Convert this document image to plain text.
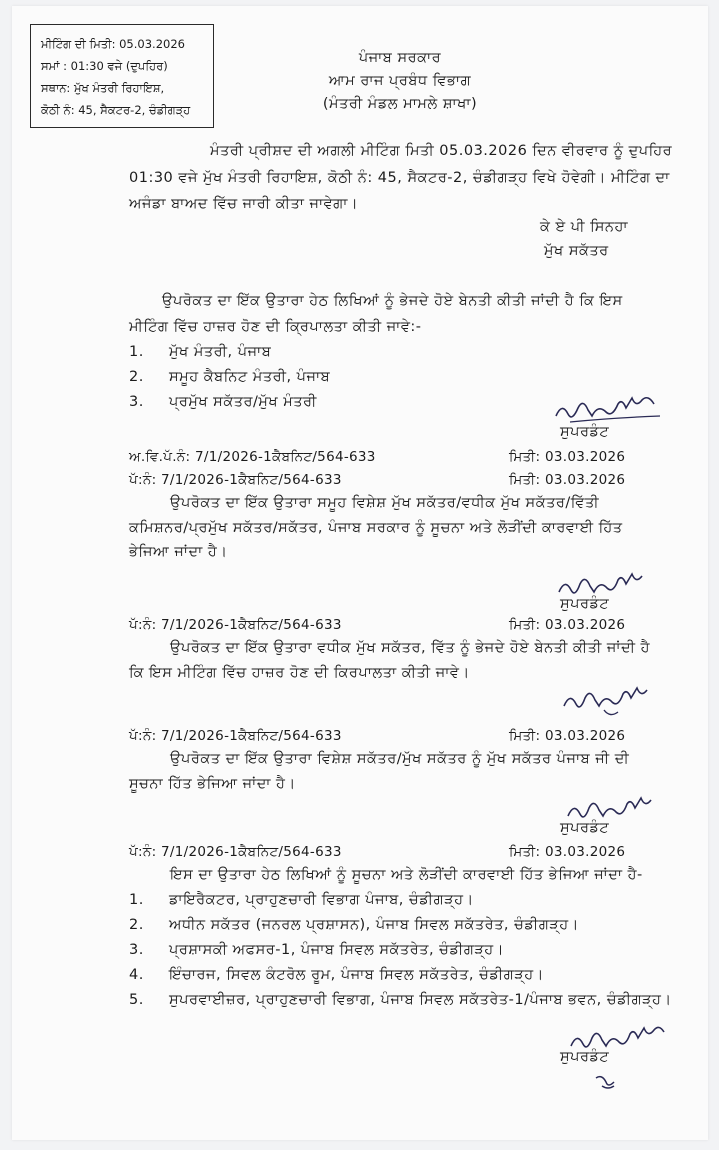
ਮੀਟਿੰਗ ਦੀ ਮਿਤੀ: 05.03.2026
ਸਮਾਂ : 01:30 ਵਜੇ (ਦੁਪਹਿਰ)
ਸਥਾਨ: ਮੁੱਖ ਮੰਤਰੀ ਰਿਹਾਇਸ਼,
ਕੋਠੀ ਨੰ: 45, ਸੈਕਟਰ-2, ਚੰਡੀਗੜ੍ਹ
ਪੰਜਾਬ ਸਰਕਾਰ
ਆਮ ਰਾਜ ਪ੍ਰਬੰਧ ਵਿਭਾਗ
(ਮੰਤਰੀ ਮੰਡਲ ਮਾਮਲੇ ਸ਼ਾਖਾ)
ਮੰਤਰੀ ਪ੍ਰੀਸ਼ਦ ਦੀ ਅਗਲੀ ਮੀਟਿੰਗ ਮਿਤੀ 05.03.2026 ਦਿਨ ਵੀਰਵਾਰ ਨੂੰ ਦੁਪਹਿਰ
01:30 ਵਜੇ ਮੁੱਖ ਮੰਤਰੀ ਰਿਹਾਇਸ਼, ਕੋਠੀ ਨੰ: 45, ਸੈਕਟਰ-2, ਚੰਡੀਗੜ੍ਹ ਵਿਖੇ ਹੋਵੇਗੀ। ਮੀਟਿੰਗ ਦਾ
ਅਜੰਡਾ ਬਾਅਦ ਵਿੱਚ ਜਾਰੀ ਕੀਤਾ ਜਾਵੇਗਾ।
ਕੇ ਏ ਪੀ ਸਿਨਹਾ
ਮੁੱਖ ਸਕੱਤਰ
ਉਪਰੋਕਤ ਦਾ ਇੱਕ ਉਤਾਰਾ ਹੇਠ ਲਿਖਿਆਂ ਨੂੰ ਭੇਜਦੇ ਹੋਏ ਬੇਨਤੀ ਕੀਤੀ ਜਾਂਦੀ ਹੈ ਕਿ ਇਸ
ਮੀਟਿੰਗ ਵਿੱਚ ਹਾਜ਼ਰ ਹੋਣ ਦੀ ਕ੍ਰਿਪਾਲਤਾ ਕੀਤੀ ਜਾਵੇ:-
1. ਮੁੱਖ ਮੰਤਰੀ, ਪੰਜਾਬ
2. ਸਮੂਹ ਕੈਬਨਿਟ ਮੰਤਰੀ, ਪੰਜਾਬ
3. ਪ੍ਰਮੁੱਖ ਸਕੱਤਰ/ਮੁੱਖ ਮੰਤਰੀ
ਸੁਪਰਡੰਟ
ਅ.ਵਿ.ਪੱ.ਨੰ: 7/1/2026-1ਕੈਬਨਿਟ/564-633	ਮਿਤੀ: 03.03.2026
ਪੱ:ਨੰ: 7/1/2026-1ਕੈਬਨਿਟ/564-633	ਮਿਤੀ: 03.03.2026
ਉਪਰੋਕਤ ਦਾ ਇੱਕ ਉਤਾਰਾ ਸਮੂਹ ਵਿਸ਼ੇਸ਼ ਮੁੱਖ ਸਕੱਤਰ/ਵਧੀਕ ਮੁੱਖ ਸਕੱਤਰ/ਵਿੱਤੀ
ਕਮਿਸ਼ਨਰ/ਪ੍ਰਮੁੱਖ ਸਕੱਤਰ/ਸਕੱਤਰ, ਪੰਜਾਬ ਸਰਕਾਰ ਨੂੰ ਸੂਚਨਾ ਅਤੇ ਲੋੜੀਂਦੀ ਕਾਰਵਾਈ ਹਿੱਤ
ਭੇਜਿਆ ਜਾਂਦਾ ਹੈ।
ਸੁਪਰਡੰਟ
ਪੱ:ਨੰ: 7/1/2026-1ਕੈਬਨਿਟ/564-633	ਮਿਤੀ: 03.03.2026
ਉਪਰੋਕਤ ਦਾ ਇੱਕ ਉਤਾਰਾ ਵਧੀਕ ਮੁੱਖ ਸਕੱਤਰ, ਵਿੱਤ ਨੂੰ ਭੇਜਦੇ ਹੋਏ ਬੇਨਤੀ ਕੀਤੀ ਜਾਂਦੀ ਹੈ
ਕਿ ਇਸ ਮੀਟਿੰਗ ਵਿੱਚ ਹਾਜ਼ਰ ਹੋਣ ਦੀ ਕਿਰਪਾਲਤਾ ਕੀਤੀ ਜਾਵੇ।
ਪੱ:ਨੰ: 7/1/2026-1ਕੈਬਨਿਟ/564-633	ਮਿਤੀ: 03.03.2026
ਉਪਰੋਕਤ ਦਾ ਇੱਕ ਉਤਾਰਾ ਵਿਸ਼ੇਸ਼ ਸਕੱਤਰ/ਮੁੱਖ ਸਕੱਤਰ ਨੂੰ ਮੁੱਖ ਸਕੱਤਰ ਪੰਜਾਬ ਜੀ ਦੀ
ਸੂਚਨਾ ਹਿੱਤ ਭੇਜਿਆ ਜਾਂਦਾ ਹੈ।
ਸੁਪਰਡੰਟ
ਪੱ:ਨੰ: 7/1/2026-1ਕੈਬਨਿਟ/564-633	ਮਿਤੀ: 03.03.2026
ਇਸ ਦਾ ਉਤਾਰਾ ਹੇਠ ਲਿਖਿਆਂ ਨੂੰ ਸੂਚਨਾ ਅਤੇ ਲੋੜੀਂਦੀ ਕਾਰਵਾਈ ਹਿੱਤ ਭੇਜਿਆ ਜਾਂਦਾ ਹੈ-
1. ਡਾਇਰੈਕਟਰ, ਪ੍ਰਾਹੁਣਚਾਰੀ ਵਿਭਾਗ ਪੰਜਾਬ, ਚੰਡੀਗੜ੍ਹ।
2. ਅਧੀਨ ਸਕੱਤਰ (ਜਨਰਲ ਪ੍ਰਸ਼ਾਸਨ), ਪੰਜਾਬ ਸਿਵਲ ਸਕੱਤਰੇਤ, ਚੰਡੀਗੜ੍ਹ।
3. ਪ੍ਰਸ਼ਾਸਕੀ ਅਫਸਰ-1, ਪੰਜਾਬ ਸਿਵਲ ਸਕੱਤਰੇਤ, ਚੰਡੀਗੜ੍ਹ।
4. ਇੰਚਾਰਜ, ਸਿਵਲ ਕੰਟਰੋਲ ਰੂਮ, ਪੰਜਾਬ ਸਿਵਲ ਸਕੱਤਰੇਤ, ਚੰਡੀਗੜ੍ਹ।
5. ਸੁਪਰਵਾਈਜ਼ਰ, ਪ੍ਰਾਹੁਣਚਾਰੀ ਵਿਭਾਗ, ਪੰਜਾਬ ਸਿਵਲ ਸਕੱਤਰੇਤ-1/ਪੰਜਾਬ ਭਵਨ, ਚੰਡੀਗੜ੍ਹ।
ਸੁਪਰਡੰਟ
